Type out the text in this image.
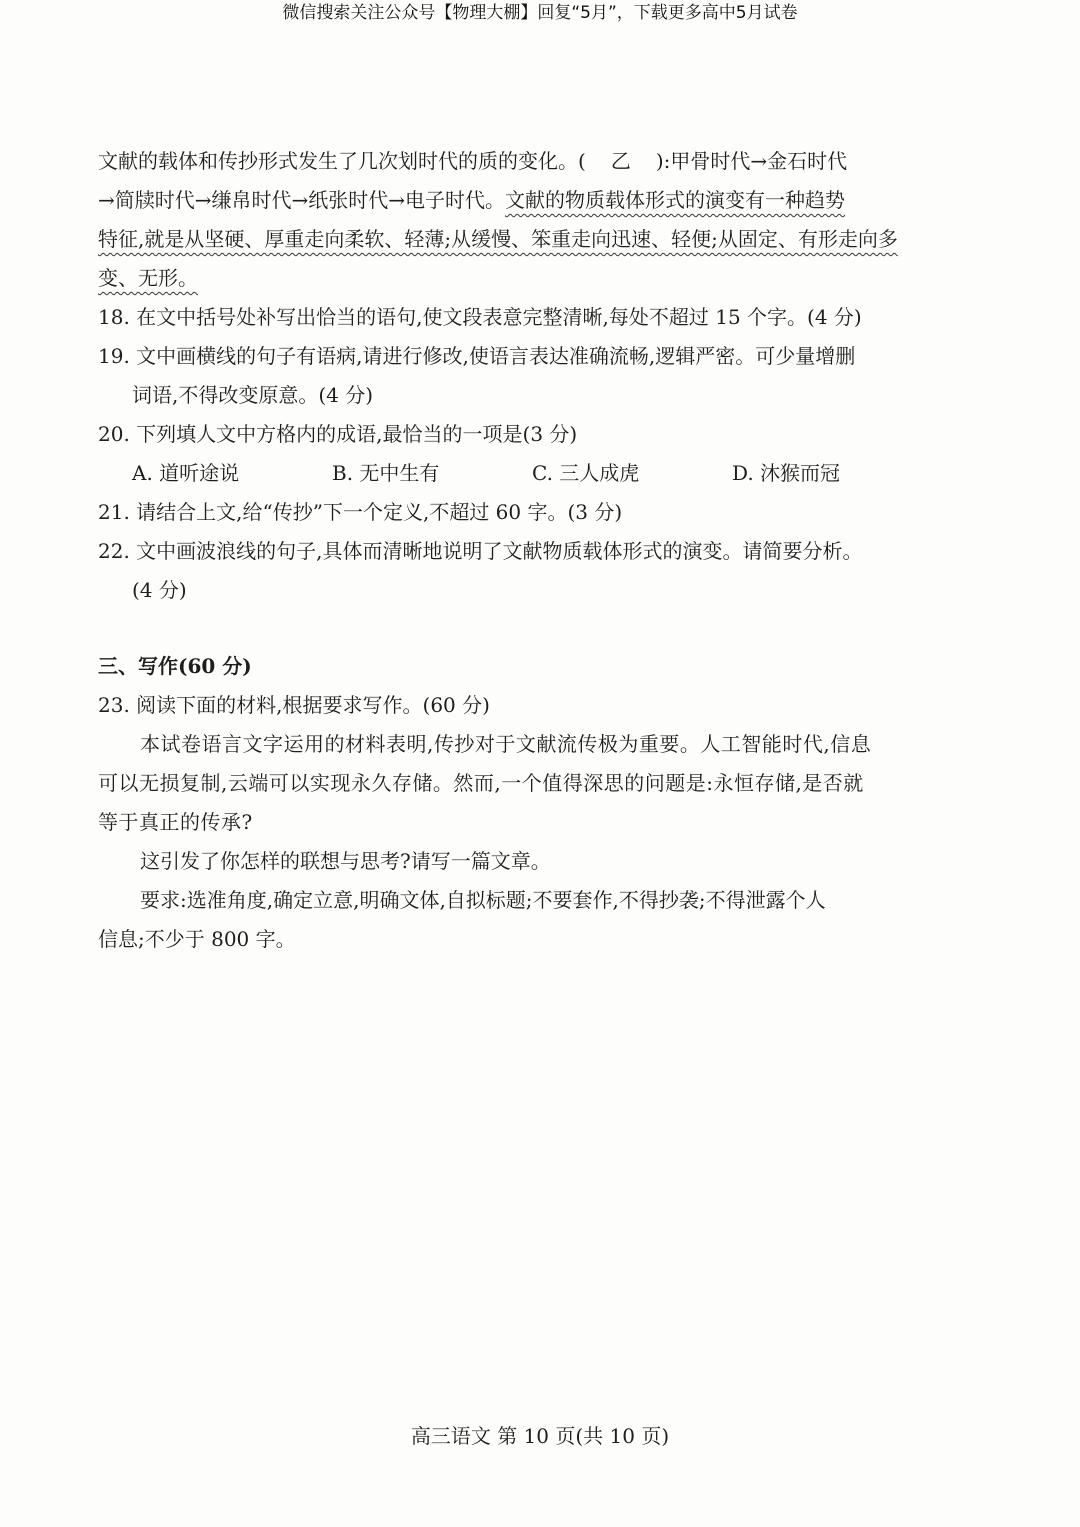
微信搜索关注公众号【物理大棚】回复“5月”，下载更多高中5月试卷
文献的载体和传抄形式发生了几次划时代的质的变化。( 乙 ):甲骨时代→金石时代
→简牍时代→缣帛时代→纸张时代→电子时代。文献的物质载体形式的演变有一种趋势
特征,就是从坚硬、厚重走向柔软、轻薄;从缓慢、笨重走向迅速、轻便;从固定、有形走向多
变、无形。
18. 在文中括号处补写出恰当的语句,使文段表意完整清晰,每处不超过 15 个字。(4 分)
19. 文中画横线的句子有语病,请进行修改,使语言表达准确流畅,逻辑严密。可少量增删
词语,不得改变原意。(4 分)
20. 下列填人文中方格内的成语,最恰当的一项是(3 分)
A. 道听途说	B. 无中生有	C. 三人成虎	D. 沐猴而冠
21. 请结合上文,给“传抄”下一个定义,不超过 60 字。(3 分)
22. 文中画波浪线的句子,具体而清晰地说明了文献物质载体形式的演变。请简要分析。
(4 分)
三、写作(60 分)
23. 阅读下面的材料,根据要求写作。(60 分)
本试卷语言文字运用的材料表明,传抄对于文献流传极为重要。人工智能时代,信息
可以无损复制,云端可以实现永久存储。然而,一个值得深思的问题是:永恒存储,是否就
等于真正的传承?
这引发了你怎样的联想与思考?请写一篇文章。
要求:选准角度,确定立意,明确文体,自拟标题;不要套作,不得抄袭;不得泄露个人
信息;不少于 800 字。
高三语文 第 10 页(共 10 页)
